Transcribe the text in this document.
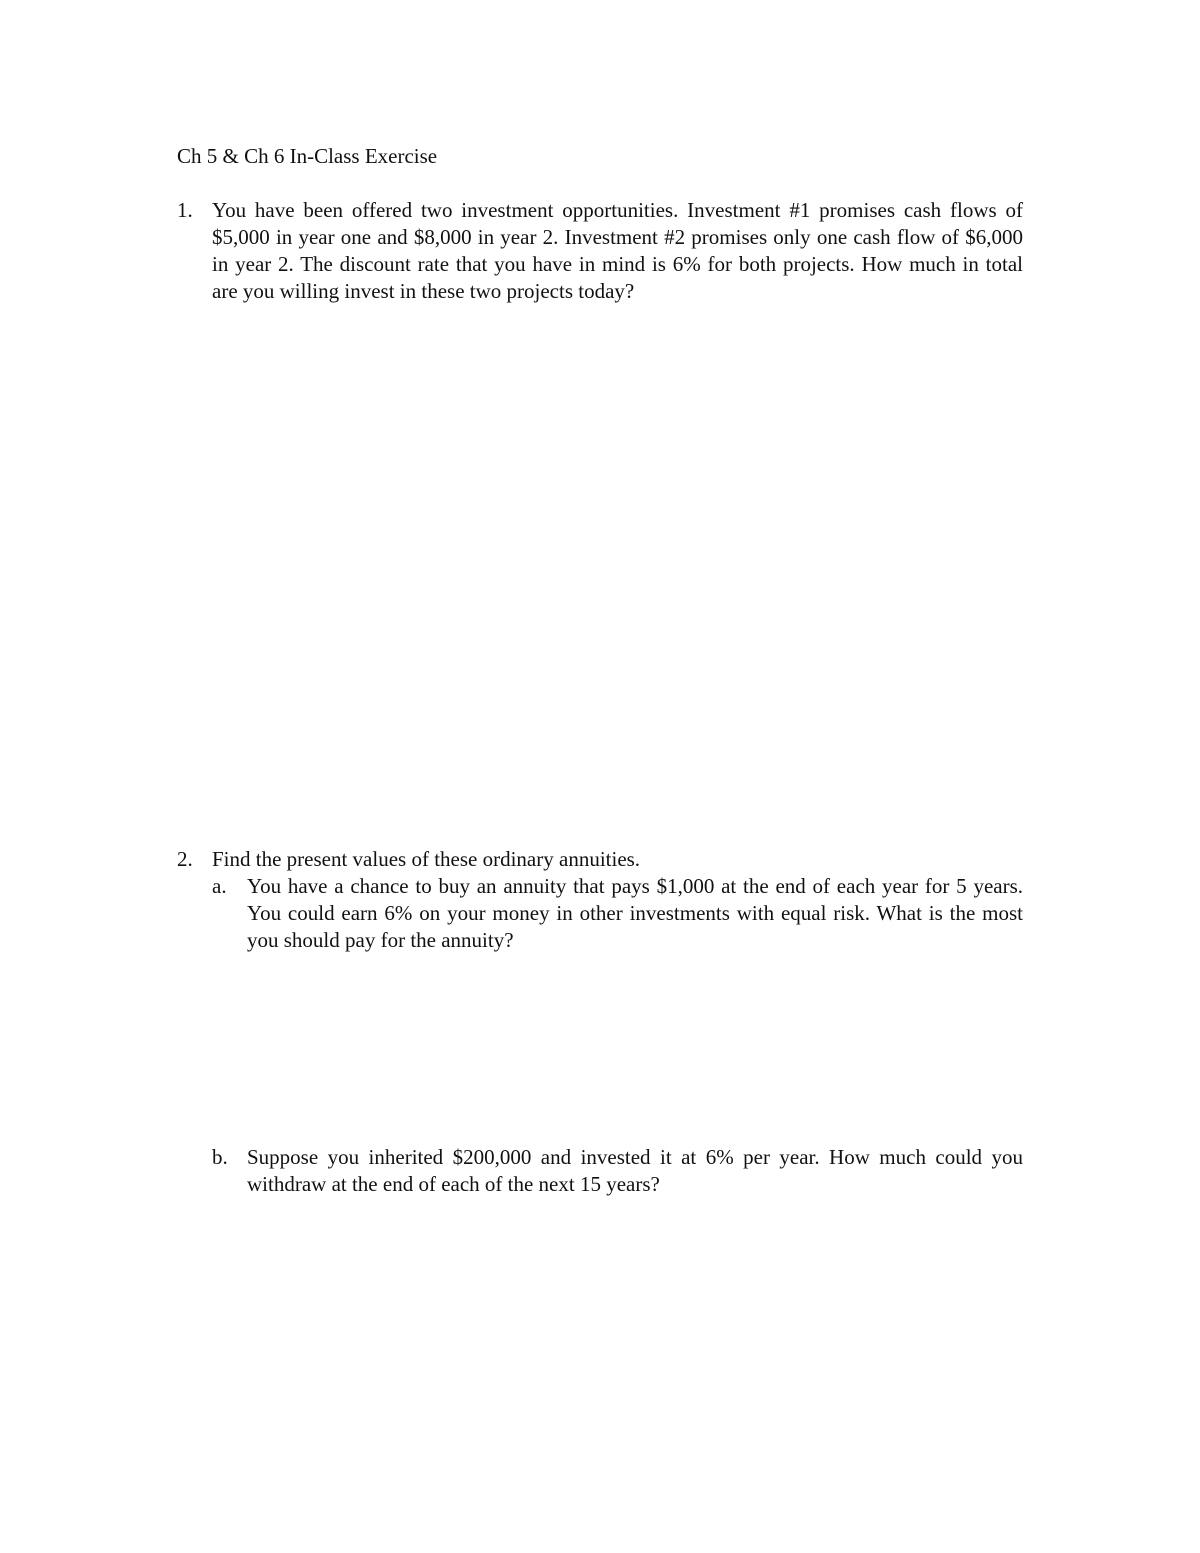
Ch 5 & Ch 6 In-Class Exercise
1. You have been offered two investment opportunities. Investment #1 promises cash flows of $5,000 in year one and $8,000 in year 2. Investment #2 promises only one cash flow of $6,000 in year 2. The discount rate that you have in mind is 6% for both projects. How much in total are you willing invest in these two projects today?
2. Find the present values of these ordinary annuities.
a. You have a chance to buy an annuity that pays $1,000 at the end of each year for 5 years. You could earn 6% on your money in other investments with equal risk. What is the most you should pay for the annuity?
b. Suppose you inherited $200,000 and invested it at 6% per year. How much could you withdraw at the end of each of the next 15 years?
